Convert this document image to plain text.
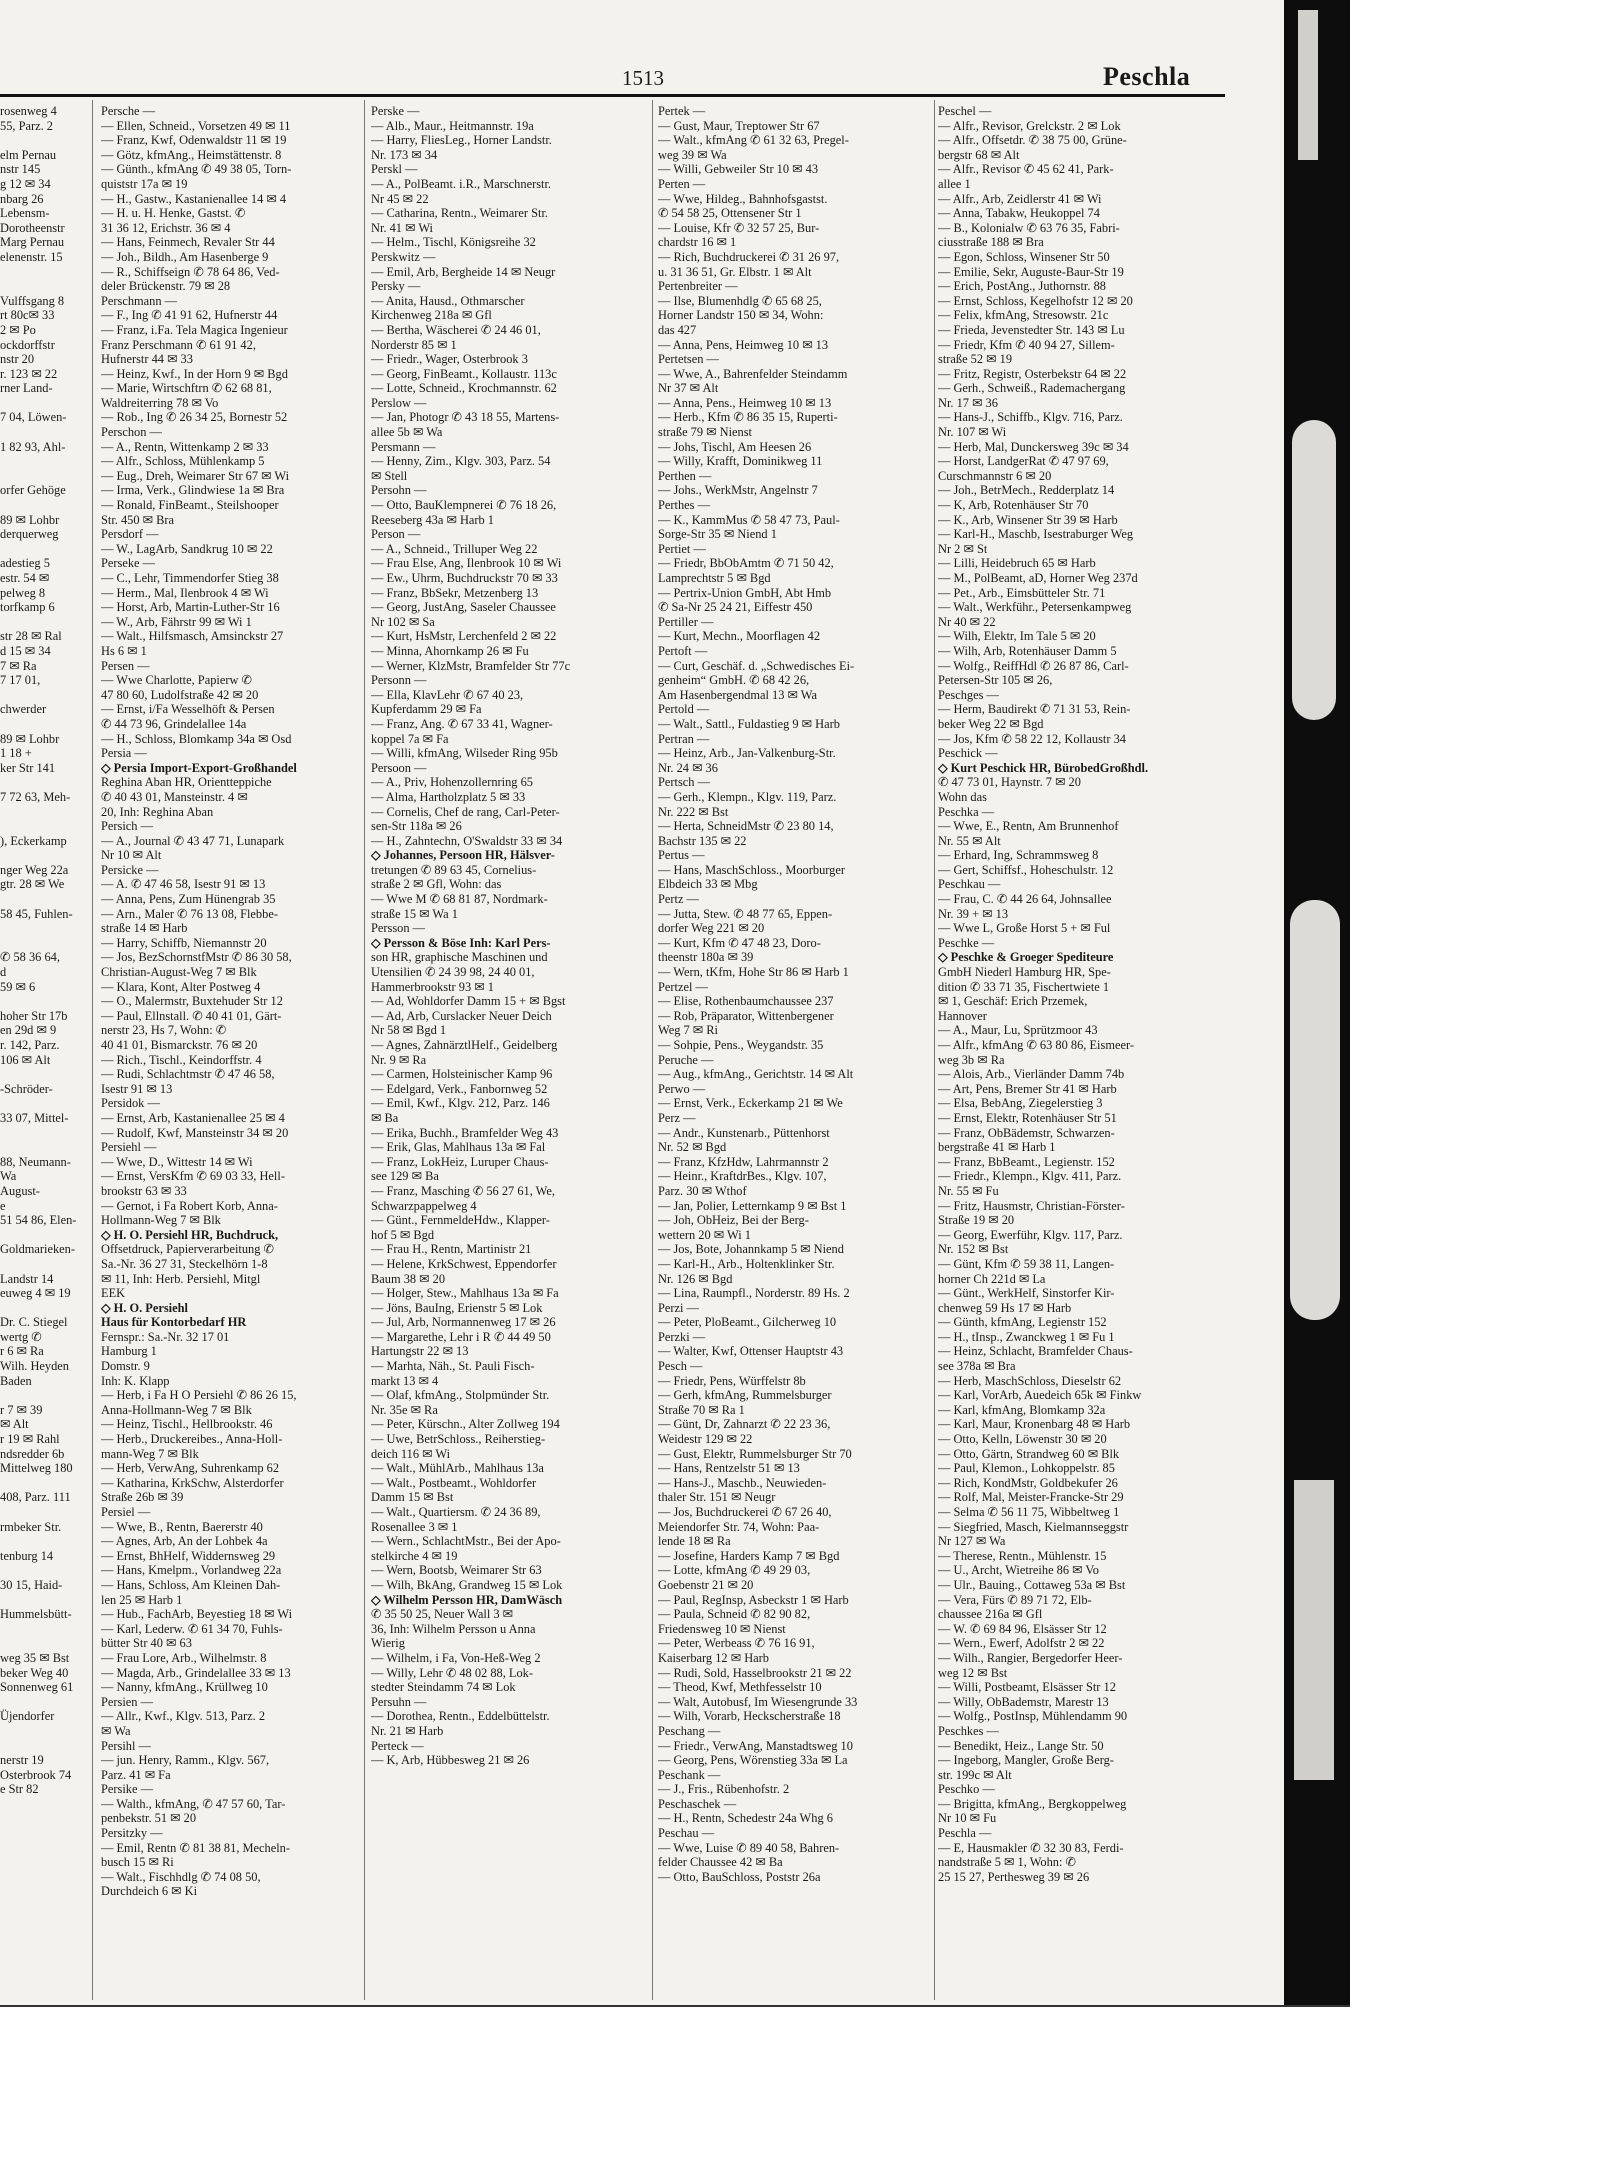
1513	Peschla
rosenweg 4
55, Parz. 2
elm Pernau
nstr 145
g 12 ✉ 34
nbarg 26
Lebensm-
Dorotheenstr
Marg Pernau
elenenstr. 15
Vulffsgang 8
rt 80c✉ 33
2 ✉ Po
ockdorffstr
nstr 20
r. 123 ✉ 22
rner Land-
7 04, Löwen-
1 82 93, Ahl-
orfer Gehöge
89 ✉ Lohbr
derquerweg
adestieg 5
estr. 54 ✉
pelweg 8
torfkamp 6
str 28 ✉ Ral
d 15 ✉ 34
7 ✉ Ra
7 17 01,
chwerder
89 ✉ Lohbr
1 18 +
ker Str 141
7 72 63, Meh-
), Eckerkamp
nger Weg 22a
gtr. 28 ✉ We
58 45, Fuhlen-
✆ 58 36 64,
d
59 ✉ 6
hoher Str 17b
en 29d ✉ 9
r. 142, Parz.
106 ✉ Alt
-Schröder-
33 07, Mittel-
88, Neumann-
Wa
August-
e
51 54 86, Elen-
Goldmarieken-
Landstr 14
euweg 4 ✉ 19
Dr. C. Stiegel
wertg ✆
r 6 ✉ Ra
Wilh. Heyden
Baden
r 7 ✉ 39
✉ Alt
r 19 ✉ Rahl
ndsredder 6b
Mittelweg 180
408, Parz. 111
rmbeker Str.
tenburg 14
30 15, Haid-
Hummelsbütt-
weg 35 ✉ Bst
beker Weg 40
Sonnenweg 61
Üjendorfer
nerstr 19
Osterbrook 74
e Str 82
Persche —
— Ellen, Schneid., Vorsetzen 49 ✉ 11
— Franz, Kwf, Odenwaldstr 11 ✉ 19
— Götz, kfmAng., Heimstättenstr. 8
— Günth., kfmAng ✆ 49 38 05, Torn-
quiststr 17a ✉ 19
— H., Gastw., Kastanienallee 14 ✉ 4
— H. u. H. Henke, Gastst. ✆
31 36 12, Erichstr. 36 ✉ 4
— Hans, Feinmech, Revaler Str 44
— Joh., Bildh., Am Hasenberge 9
— R., Schiffseign ✆ 78 64 86, Ved-
deler Brückenstr. 79 ✉ 28
Perschmann —
— F., Ing ✆ 41 91 62, Hufnerstr 44
— Franz, i.Fa. Tela Magica Ingenieur
Franz Perschmann ✆ 61 91 42,
Hufnerstr 44 ✉ 33
— Heinz, Kwf., In der Horn 9 ✉ Bgd
— Marie, Wirtschftrn ✆ 62 68 81,
Waldreiterring 78 ✉ Vo
— Rob., Ing ✆ 26 34 25, Bornestr 52
Perschon —
— A., Rentn, Wittenkamp 2 ✉ 33
— Alfr., Schloss, Mühlenkamp 5
— Eug., Dreh, Weimarer Str 67 ✉ Wi
— Irma, Verk., Glindwiese 1a ✉ Bra
— Ronald, FinBeamt., Steilshooper
Str. 450 ✉ Bra
Persdorf —
— W., LagArb, Sandkrug 10 ✉ 22
Perseke —
— C., Lehr, Timmendorfer Stieg 38
— Herm., Mal, Ilenbrook 4 ✉ Wi
— Horst, Arb, Martin-Luther-Str 16
— W., Arb, Fährstr 99 ✉ Wi 1
— Walt., Hilfsmasch, Amsinckstr 27
Hs 6 ✉ 1
Persen —
— Wwe Charlotte, Papierw ✆
47 80 60, Ludolfstraße 42 ✉ 20
— Ernst, i/Fa Wesselhöft & Persen
✆ 44 73 96, Grindelallee 14a
— H., Schloss, Blomkamp 34a ✉ Osd
Persia —
◇ Persia Import-Export-Großhandel
Reghina Aban HR, Orientteppiche
✆ 40 43 01, Mansteinstr. 4 ✉
20, Inh: Reghina Aban
Persich —
— A., Journal ✆ 43 47 71, Lunapark
Nr 10 ✉ Alt
Persicke —
— A. ✆ 47 46 58, Isestr 91 ✉ 13
— Anna, Pens, Zum Hünengrab 35
— Arn., Maler ✆ 76 13 08, Flebbe-
straße 14 ✉ Harb
— Harry, Schiffb, Niemannstr 20
— Jos, BezSchornstfMstr ✆ 86 30 58,
Christian-August-Weg 7 ✉ Blk
— Klara, Kont, Alter Postweg 4
— O., Malermstr, Buxtehuder Str 12
— Paul, Ellnstall. ✆ 40 41 01, Gärt-
nerstr 23, Hs 7, Wohn: ✆
40 41 01, Bismarckstr. 76 ✉ 20
— Rich., Tischl., Keindorffstr. 4
— Rudi, Schlachtmstr ✆ 47 46 58,
Isestr 91 ✉ 13
Persidok —
— Ernst, Arb, Kastanienallee 25 ✉ 4
— Rudolf, Kwf, Mansteinstr 34 ✉ 20
Persiehl —
— Wwe, D., Wittestr 14 ✉ Wi
— Ernst, VersKfm ✆ 69 03 33, Hell-
brookstr 63 ✉ 33
— Gernot, i Fa Robert Korb, Anna-
Hollmann-Weg 7 ✉ Blk
◇ H. O. Persiehl HR, Buchdruck,
Offsetdruck, Papierverarbeitung ✆
Sa.-Nr. 36 27 31, Steckelhörn 1-8
✉ 11, Inh: Herb. Persiehl, Mitgl
EEK
◇ H. O. Persiehl
Haus für Kontorbedarf HR
Fernspr.: Sa.-Nr. 32 17 01
Hamburg 1
Domstr. 9
Inh: K. Klapp
— Herb, i Fa H O Persiehl ✆ 86 26 15,
Anna-Hollmann-Weg 7 ✉ Blk
— Heinz, Tischl., Hellbrookstr. 46
— Herb., Druckereibes., Anna-Holl-
mann-Weg 7 ✉ Blk
— Herb, VerwAng, Suhrenkamp 62
— Katharina, KrkSchw, Alsterdorfer
Straße 26b ✉ 39
Persiel —
— Wwe, B., Rentn, Baererstr 40
— Agnes, Arb, An der Lohbek 4a
— Ernst, BhHelf, Widdernsweg 29
— Hans, Kmelpm., Vorlandweg 22a
— Hans, Schloss, Am Kleinen Dah-
len 25 ✉ Harb 1
— Hub., FachArb, Beyestieg 18 ✉ Wi
— Karl, Lederw. ✆ 61 34 70, Fuhls-
bütter Str 40 ✉ 63
— Frau Lore, Arb., Wilhelmstr. 8
— Magda, Arb., Grindelallee 33 ✉ 13
— Nanny, kfmAng., Krüllweg 10
Persien —
— Allr., Kwf., Klgv. 513, Parz. 2
✉ Wa
Persihl —
— jun. Henry, Ramm., Klgv. 567,
Parz. 41 ✉ Fa
Persike —
— Walth., kfmAng, ✆ 47 57 60, Tar-
penbekstr. 51 ✉ 20
Persitzky —
— Emil, Rentn ✆ 81 38 81, Mecheln-
busch 15 ✉ Ri
— Walt., Fischhdlg ✆ 74 08 50,
Durchdeich 6 ✉ Ki
Perske —
— Alb., Maur., Heitmannstr. 19a
— Harry, FliesLeg., Horner Landstr.
Nr. 173 ✉ 34
Perskl —
— A., PolBeamt. i.R., Marschnerstr.
Nr 45 ✉ 22
— Catharina, Rentn., Weimarer Str.
Nr. 41 ✉ Wi
— Helm., Tischl, Königsreihe 32
Perskwitz —
— Emil, Arb, Bergheide 14 ✉ Neugr
Persky —
— Anita, Hausd., Othmarscher
Kirchenweg 218a ✉ Gfl
— Bertha, Wäscherei ✆ 24 46 01,
Norderstr 85 ✉ 1
— Friedr., Wager, Osterbrook 3
— Georg, FinBeamt., Kollaustr. 113c
— Lotte, Schneid., Krochmannstr. 62
Perslow —
— Jan, Photogr ✆ 43 18 55, Martens-
allee 5b ✉ Wa
Persmann —
— Henny, Zim., Klgv. 303, Parz. 54
✉ Stell
Persohn —
— Otto, BauKlempnerei ✆ 76 18 26,
Reeseberg 43a ✉ Harb 1
Person —
— A., Schneid., Trilluper Weg 22
— Frau Else, Ang, Ilenbrook 10 ✉ Wi
— Ew., Uhrm, Buchdruckstr 70 ✉ 33
— Franz, BbSekr, Metzenberg 13
— Georg, JustAng, Saseler Chaussee
Nr 102 ✉ Sa
— Kurt, HsMstr, Lerchenfeld 2 ✉ 22
— Minna, Ahornkamp 26 ✉ Fu
— Werner, KlzMstr, Bramfelder Str 77c
Personn —
— Ella, KlavLehr ✆ 67 40 23,
Kupferdamm 29 ✉ Fa
— Franz, Ang. ✆ 67 33 41, Wagner-
koppel 7a ✉ Fa
— Willi, kfmAng, Wilseder Ring 95b
Persoon —
— A., Priv, Hohenzollernring 65
— Alma, Hartholzplatz 5 ✉ 33
— Cornelis, Chef de rang, Carl-Peter-
sen-Str 118a ✉ 26
— H., Zahntechn, O'Swaldstr 33 ✉ 34
◇ Johannes, Persoon HR, Hälsver-
tretungen ✆ 89 63 45, Cornelius-
straße 2 ✉ Gfl, Wohn: das
— Wwe M ✆ 68 81 87, Nordmark-
straße 15 ✉ Wa 1
Persson —
◇ Persson & Böse Inh: Karl Pers-
son HR, graphische Maschinen und
Utensilien ✆ 24 39 98, 24 40 01,
Hammerbrookstr 93 ✉ 1
— Ad, Wohldorfer Damm 15 + ✉ Bgst
— Ad, Arb, Curslacker Neuer Deich
Nr 58 ✉ Bgd 1
— Agnes, ZahnärztlHelf., Geidelberg
Nr. 9 ✉ Ra
— Carmen, Holsteinischer Kamp 96
— Edelgard, Verk., Fanbornweg 52
— Emil, Kwf., Klgv. 212, Parz. 146
✉ Ba
— Erika, Buchh., Bramfelder Weg 43
— Erik, Glas, Mahlhaus 13a ✉ Fal
— Franz, LokHeiz, Luruper Chaus-
see 129 ✉ Ba
— Franz, Masching ✆ 56 27 61, We,
Schwarzpappelweg 4
— Günt., FernmeldeHdw., Klapper-
hof 5 ✉ Bgd
— Frau H., Rentn, Martinistr 21
— Helene, KrkSchwest, Eppendorfer
Baum 38 ✉ 20
— Holger, Stew., Mahlhaus 13a ✉ Fa
— Jöns, BauIng, Erienstr 5 ✉ Lok
— Jul, Arb, Normannenweg 17 ✉ 26
— Margarethe, Lehr i R ✆ 44 49 50
Hartungstr 22 ✉ 13
— Marhta, Näh., St. Pauli Fisch-
markt 13 ✉ 4
— Olaf, kfmAng., Stolpmünder Str.
Nr. 35e ✉ Ra
— Peter, Kürschn., Alter Zollweg 194
— Uwe, BetrSchloss., Reiherstieg-
deich 116 ✉ Wi
— Walt., MühlArb., Mahlhaus 13a
— Walt., Postbeamt., Wohldorfer
Damm 15 ✉ Bst
— Walt., Quartiersm. ✆ 24 36 89,
Rosenallee 3 ✉ 1
— Wern., SchlachtMstr., Bei der Apo-
stelkirche 4 ✉ 19
— Wern, Bootsb, Weimarer Str 63
— Wilh, BkAng, Grandweg 15 ✉ Lok
◇ Wilhelm Persson HR, DamWäsch
✆ 35 50 25, Neuer Wall 3 ✉
36, Inh: Wilhelm Persson u Anna
Wierig
— Wilhelm, i Fa, Von-Heß-Weg 2
— Willy, Lehr ✆ 48 02 88, Lok-
stedter Steindamm 74 ✉ Lok
Persuhn —
— Dorothea, Rentn., Eddelbüttelstr.
Nr. 21 ✉ Harb
Perteck —
— K, Arb, Hübbesweg 21 ✉ 26
Pertek —
— Gust, Maur, Treptower Str 67
— Walt., kfmAng ✆ 61 32 63, Pregel-
weg 39 ✉ Wa
— Willi, Gebweiler Str 10 ✉ 43
Perten —
— Wwe, Hildeg., Bahnhofsgastst.
✆ 54 58 25, Ottensener Str 1
— Louise, Kfr ✆ 32 57 25, Bur-
chardstr 16 ✉ 1
— Rich, Buchdruckerei ✆ 31 26 97,
u. 31 36 51, Gr. Elbstr. 1 ✉ Alt
Pertenbreiter —
— Ilse, Blumenhdlg ✆ 65 68 25,
Horner Landstr 150 ✉ 34, Wohn:
das 427
— Anna, Pens, Heimweg 10 ✉ 13
Pertetsen —
— Wwe, A., Bahrenfelder Steindamm
Nr 37 ✉ Alt
— Anna, Pens., Heimweg 10 ✉ 13
— Herb., Kfm ✆ 86 35 15, Ruperti-
straße 79 ✉ Nienst
— Johs, Tischl, Am Heesen 26
— Willy, Krafft, Dominikweg 11
Perthen —
— Johs., WerkMstr, Angelnstr 7
Perthes —
— K., KammMus ✆ 58 47 73, Paul-
Sorge-Str 35 ✉ Niend 1
Pertiet —
— Friedr, BbObAmtm ✆ 71 50 42,
Lamprechtstr 5 ✉ Bgd
— Pertrix-Union GmbH, Abt Hmb
✆ Sa-Nr 25 24 21, Eiffestr 450
Pertiller —
— Kurt, Mechn., Moorflagen 42
Pertoft —
— Curt, Geschäf. d. „Schwedisches Ei-
genheim“ GmbH. ✆ 68 42 26,
Am Hasenbergendmal 13 ✉ Wa
Pertold —
— Walt., Sattl., Fuldastieg 9 ✉ Harb
Pertran —
— Heinz, Arb., Jan-Valkenburg-Str.
Nr. 24 ✉ 36
Pertsch —
— Gerh., Klempn., Klgv. 119, Parz.
Nr. 222 ✉ Bst
— Herta, SchneidMstr ✆ 23 80 14,
Bachstr 135 ✉ 22
Pertus —
— Hans, MaschSchloss., Moorburger
Elbdeich 33 ✉ Mbg
Pertz —
— Jutta, Stew. ✆ 48 77 65, Eppen-
dorfer Weg 221 ✉ 20
— Kurt, Kfm ✆ 47 48 23, Doro-
theenstr 180a ✉ 39
— Wern, tKfm, Hohe Str 86 ✉ Harb 1
Pertzel —
— Elise, Rothenbaumchaussee 237
— Rob, Präparator, Wittenbergener
Weg 7 ✉ Ri
— Sohpie, Pens., Weygandstr. 35
Peruche —
— Aug., kfmAng., Gerichtstr. 14 ✉ Alt
Perwo —
— Ernst, Verk., Eckerkamp 21 ✉ We
Perz —
— Andr., Kunstenarb., Püttenhorst
Nr. 52 ✉ Bgd
— Franz, KfzHdw, Lahrmannstr 2
— Heinr., KraftdrBes., Klgv. 107,
Parz. 30 ✉ Wthof
— Jan, Polier, Letternkamp 9 ✉ Bst 1
— Joh, ObHeiz, Bei der Berg-
wettern 20 ✉ Wi 1
— Jos, Bote, Johannkamp 5 ✉ Niend
— Karl-H., Arb., Holtenklinker Str.
Nr. 126 ✉ Bgd
— Lina, Raumpfl., Norderstr. 89 Hs. 2
Perzi —
— Peter, PloBeamt., Gilcherweg 10
Perzki —
— Walter, Kwf, Ottenser Hauptstr 43
Pesch —
— Friedr, Pens, Würffelstr 8b
— Gerh, kfmAng, Rummelsburger
Straße 70 ✉ Ra 1
— Günt, Dr, Zahnarzt ✆ 22 23 36,
Weidestr 129 ✉ 22
— Gust, Elektr, Rummelsburger Str 70
— Hans, Rentzelstr 51 ✉ 13
— Hans-J., Maschb., Neuwieden-
thaler Str. 151 ✉ Neugr
— Jos, Buchdruckerei ✆ 67 26 40,
Meiendorfer Str. 74, Wohn: Paa-
lende 18 ✉ Ra
— Josefine, Harders Kamp 7 ✉ Bgd
— Lotte, kfmAng ✆ 49 29 03,
Goebenstr 21 ✉ 20
— Paul, RegInsp, Asbeckstr 1 ✉ Harb
— Paula, Schneid ✆ 82 90 82,
Friedensweg 10 ✉ Nienst
— Peter, Werbeass ✆ 76 16 91,
Kaiserbarg 12 ✉ Harb
— Rudi, Sold, Hasselbrookstr 21 ✉ 22
— Theod, Kwf, Methfesselstr 10
— Walt, Autobusf, Im Wiesengrunde 33
— Wilh, Vorarb, Heckscherstraße 18
Peschang —
— Friedr., VerwAng, Manstadtsweg 10
— Georg, Pens, Wörenstieg 33a ✉ La
Peschank —
— J., Fris., Rübenhofstr. 2
Peschaschek —
— H., Rentn, Schedestr 24a Whg 6
Peschau —
— Wwe, Luise ✆ 89 40 58, Bahren-
felder Chaussee 42 ✉ Ba
— Otto, BauSchloss, Poststr 26a
Peschel —
— Alfr., Revisor, Grelckstr. 2 ✉ Lok
— Alfr., Offsetdr. ✆ 38 75 00, Grüne-
bergstr 68 ✉ Alt
— Alfr., Revisor ✆ 45 62 41, Park-
allee 1
— Alfr., Arb, Zeidlerstr 41 ✉ Wi
— Anna, Tabakw, Heukoppel 74
— B., Kolonialw ✆ 63 76 35, Fabri-
ciusstraße 188 ✉ Bra
— Egon, Schloss, Winsener Str 50
— Emilie, Sekr, Auguste-Baur-Str 19
— Erich, PostAng., Juthornstr. 88
— Ernst, Schloss, Kegelhofstr 12 ✉ 20
— Felix, kfmAng, Stresowstr. 21c
— Frieda, Jevenstedter Str. 143 ✉ Lu
— Friedr, Kfm ✆ 40 94 27, Sillem-
straße 52 ✉ 19
— Fritz, Registr, Osterbekstr 64 ✉ 22
— Gerh., Schweiß., Rademachergang
Nr. 17 ✉ 36
— Hans-J., Schiffb., Klgv. 716, Parz.
Nr. 107 ✉ Wi
— Herb, Mal, Dunckersweg 39c ✉ 34
— Horst, LandgerRat ✆ 47 97 69,
Curschmannstr 6 ✉ 20
— Joh., BetrMech., Redderplatz 14
— K, Arb, Rotenhäuser Str 70
— K., Arb, Winsener Str 39 ✉ Harb
— Karl-H., Maschb, Isestraburger Weg
Nr 2 ✉ St
— Lilli, Heidebruch 65 ✉ Harb
— M., PolBeamt, aD, Horner Weg 237d
— Pet., Arb., Eimsbütteler Str. 71
— Walt., Werkführ., Petersenkampweg
Nr 40 ✉ 22
— Wilh, Elektr, Im Tale 5 ✉ 20
— Wilh, Arb, Rotenhäuser Damm 5
— Wolfg., ReiffHdl ✆ 26 87 86, Carl-
Petersen-Str 105 ✉ 26,
Peschges —
— Herm, Baudirekt ✆ 71 31 53, Rein-
beker Weg 22 ✉ Bgd
— Jos, Kfm ✆ 58 22 12, Kollaustr 34
Peschick —
◇ Kurt Peschick HR, BürobedGroßhdl.
✆ 47 73 01, Haynstr. 7 ✉ 20
Wohn das
Peschka —
— Wwe, E., Rentn, Am Brunnenhof
Nr. 55 ✉ Alt
— Erhard, Ing, Schrammsweg 8
— Gert, Schiffsf., Hoheschulstr. 12
Peschkau —
— Frau, C. ✆ 44 26 64, Johnsallee
Nr. 39 + ✉ 13
— Wwe L, Große Horst 5 + ✉ Ful
Peschke —
◇ Peschke & Groeger Spediteure
GmbH Niederl Hamburg HR, Spe-
dition ✆ 33 71 35, Fischertwiete 1
✉ 1, Geschäf: Erich Przemek,
Hannover
— A., Maur, Lu, Sprützmoor 43
— Alfr., kfmAng ✆ 63 80 86, Eismeer-
weg 3b ✉ Ra
— Alois, Arb., Vierländer Damm 74b
— Art, Pens, Bremer Str 41 ✉ Harb
— Elsa, BebAng, Ziegelerstieg 3
— Ernst, Elektr, Rotenhäuser Str 51
— Franz, ObBädemstr, Schwarzen-
bergstraße 41 ✉ Harb 1
— Franz, BbBeamt., Legienstr. 152
— Friedr., Klempn., Klgv. 411, Parz.
Nr. 55 ✉ Fu
— Fritz, Hausmstr, Christian-Förster-
Straße 19 ✉ 20
— Georg, Ewerführ, Klgv. 117, Parz.
Nr. 152 ✉ Bst
— Günt, Kfm ✆ 59 38 11, Langen-
horner Ch 221d ✉ La
— Günt., WerkHelf, Sinstorfer Kir-
chenweg 59 Hs 17 ✉ Harb
— Günth, kfmAng, Legienstr 152
— H., tInsp., Zwanckweg 1 ✉ Fu 1
— Heinz, Schlacht, Bramfelder Chaus-
see 378a ✉ Bra
— Herb, MaschSchloss, Dieselstr 62
— Karl, VorArb, Auedeich 65k ✉ Finkw
— Karl, kfmAng, Blomkamp 32a
— Karl, Maur, Kronenbarg 48 ✉ Harb
— Otto, Kelln, Löwenstr 30 ✉ 20
— Otto, Gärtn, Strandweg 60 ✉ Blk
— Paul, Klemon., Lohkoppelstr. 85
— Rich, KondMstr, Goldbekufer 26
— Rolf, Mal, Meister-Francke-Str 29
— Selma ✆ 56 11 75, Wibbeltweg 1
— Siegfried, Masch, Kielmannseggstr
Nr 127 ✉ Wa
— Therese, Rentn., Mühlenstr. 15
— U., Archt, Wietreihe 86 ✉ Vo
— Ulr., Bauing., Cottaweg 53a ✉ Bst
— Vera, Fürs ✆ 89 71 72, Elb-
chaussee 216a ✉ Gfl
— W. ✆ 69 84 96, Elsässer Str 12
— Wern., Ewerf, Adolfstr 2 ✉ 22
— Wilh., Rangier, Bergedorfer Heer-
weg 12 ✉ Bst
— Willi, Postbeamt, Elsässer Str 12
— Willy, ObBademstr, Marestr 13
— Wolfg., PostInsp, Mühlendamm 90
Peschkes —
— Benedikt, Heiz., Lange Str. 50
— Ingeborg, Mangler, Große Berg-
str. 199c ✉ Alt
Peschko —
— Brigitta, kfmAng., Bergkoppelweg
Nr 10 ✉ Fu
Peschla —
— E, Hausmakler ✆ 32 30 83, Ferdi-
nandstraße 5 ✉ 1, Wohn: ✆
25 15 27, Perthesweg 39 ✉ 26
